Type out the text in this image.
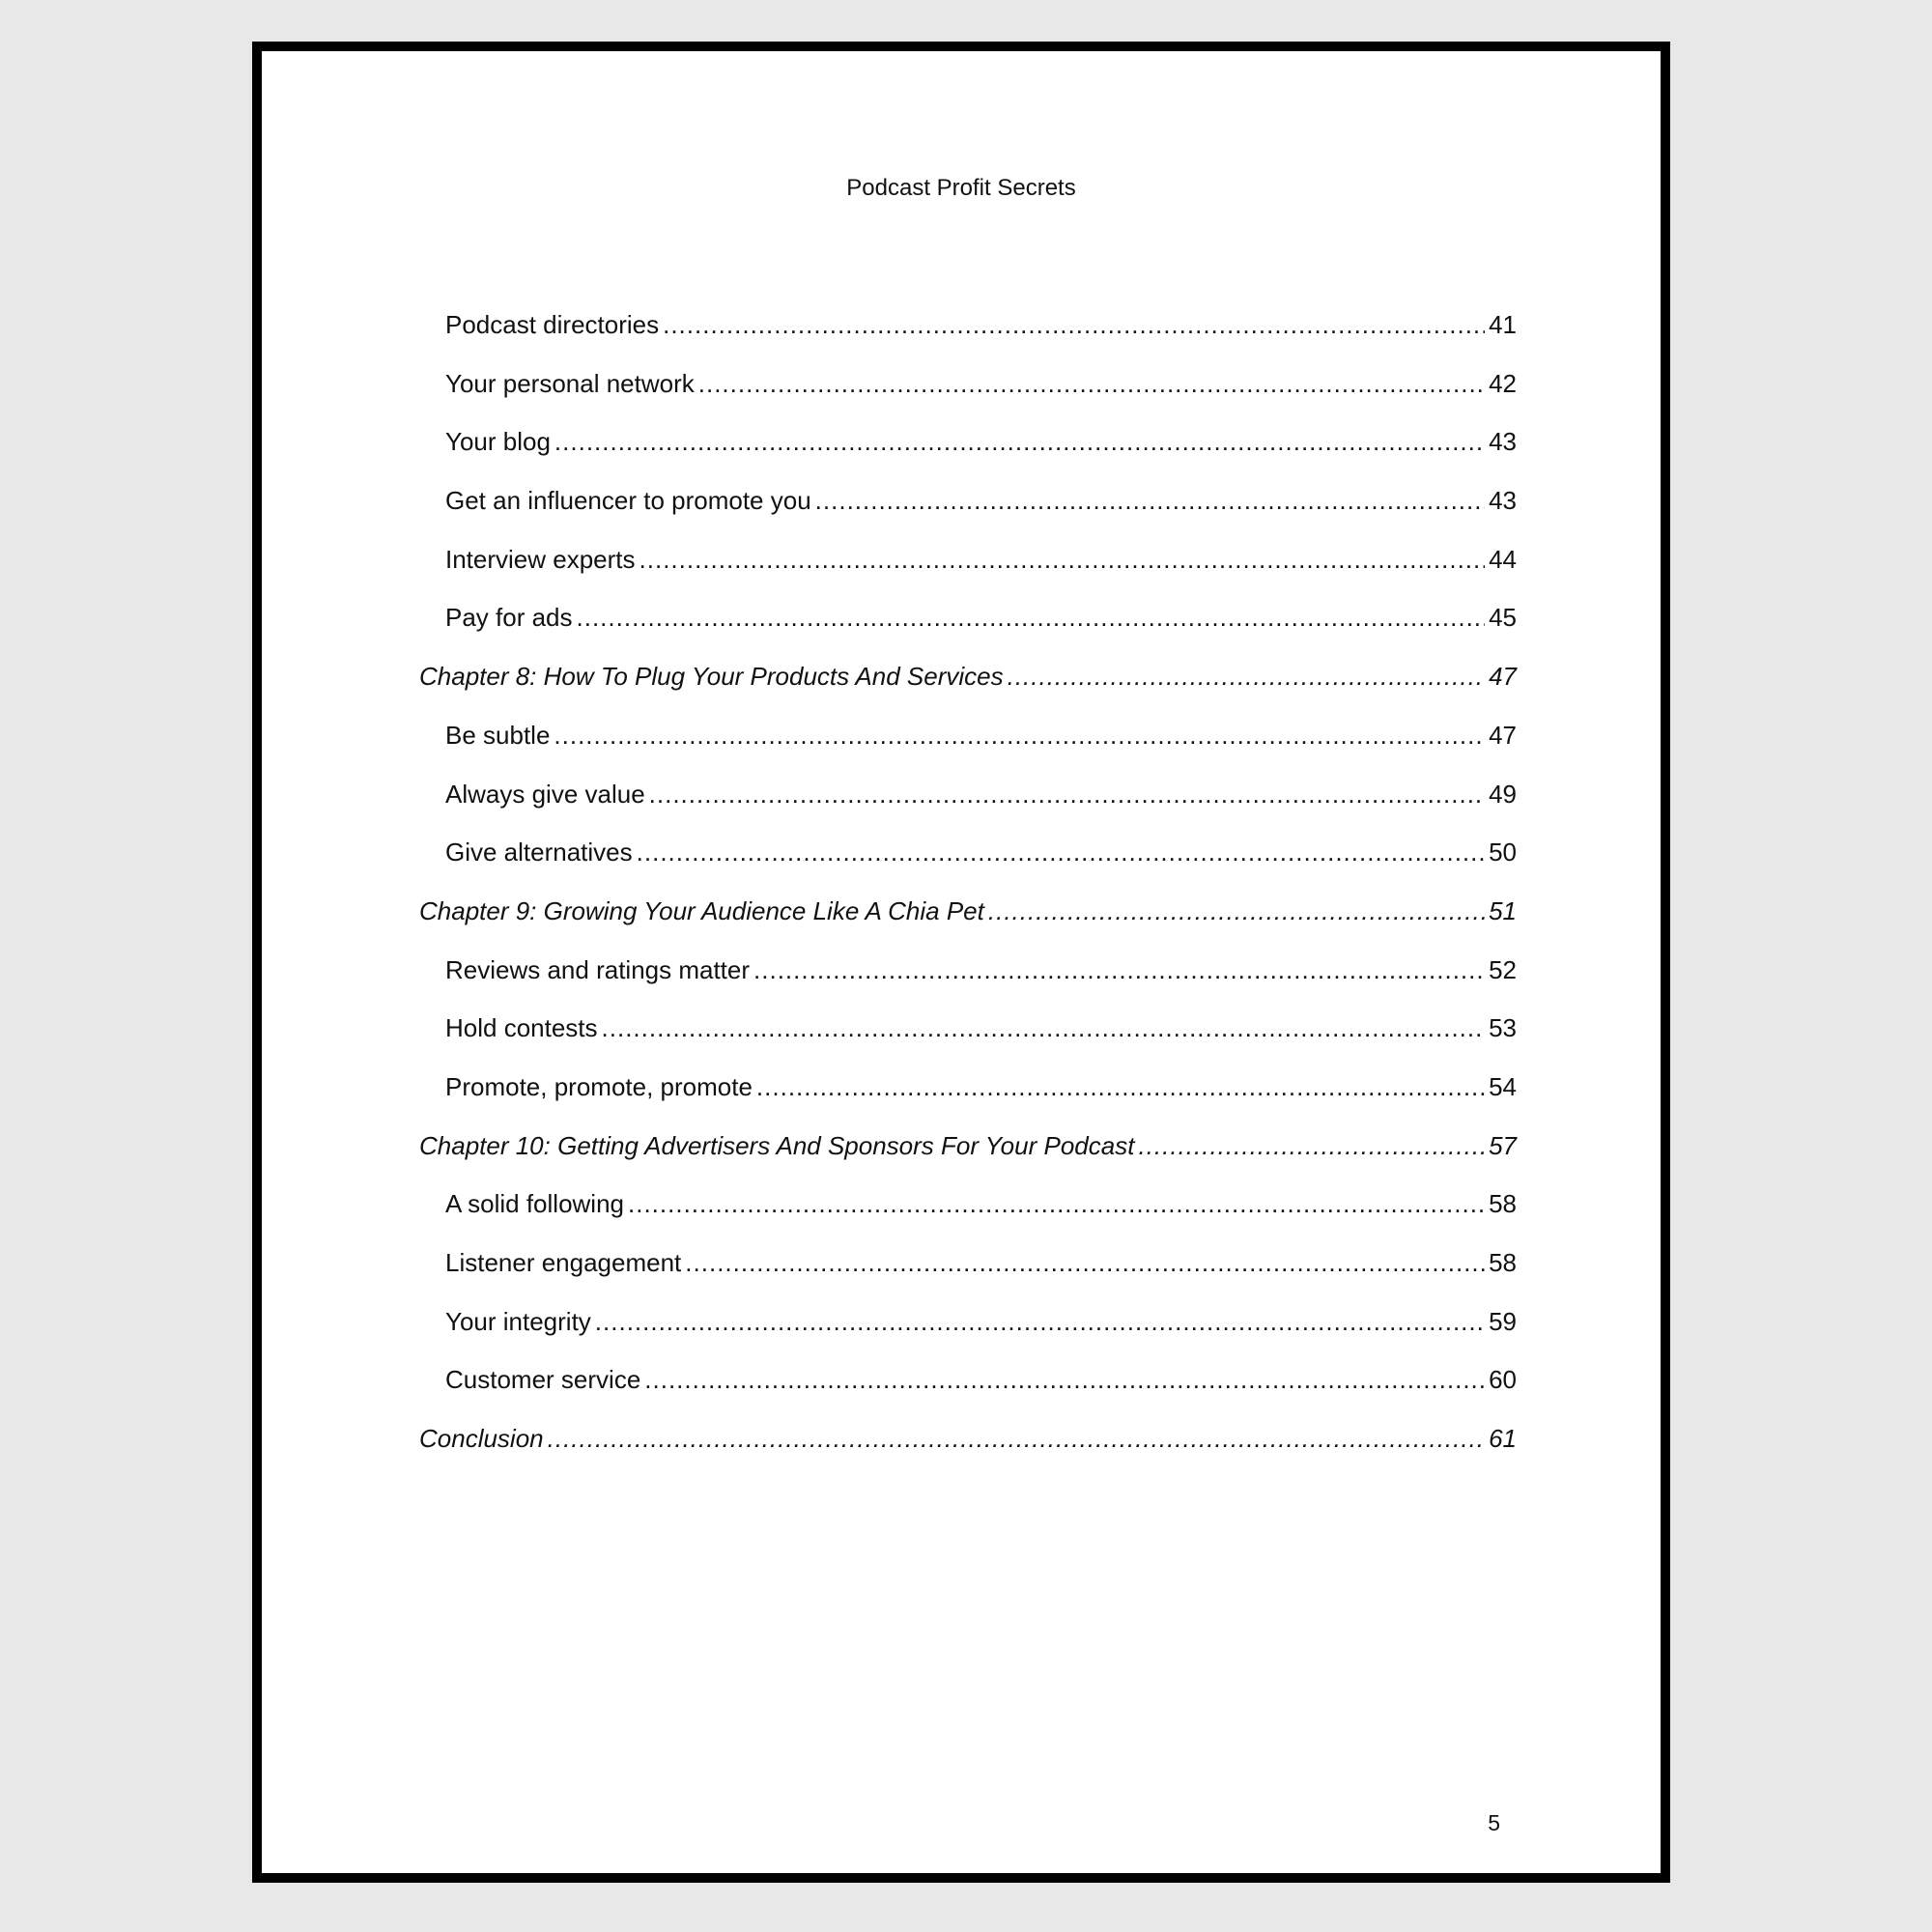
Podcast Profit Secrets
Podcast directories .....	41
Your personal network .....	42
Your blog .....	43
Get an influencer to promote you .....	43
Interview experts .....	44
Pay for ads .....	45
Chapter 8: How To Plug Your Products And Services .....	47
Be subtle .....	47
Always give value .....	49
Give alternatives .....	50
Chapter 9: Growing Your Audience Like A Chia Pet .....	51
Reviews and ratings matter .....	52
Hold contests .....	53
Promote, promote, promote .....	54
Chapter 10: Getting Advertisers And Sponsors For Your Podcast .....	57
A solid following .....	58
Listener engagement .....	58
Your integrity .....	59
Customer service .....	60
Conclusion .....	61
5
